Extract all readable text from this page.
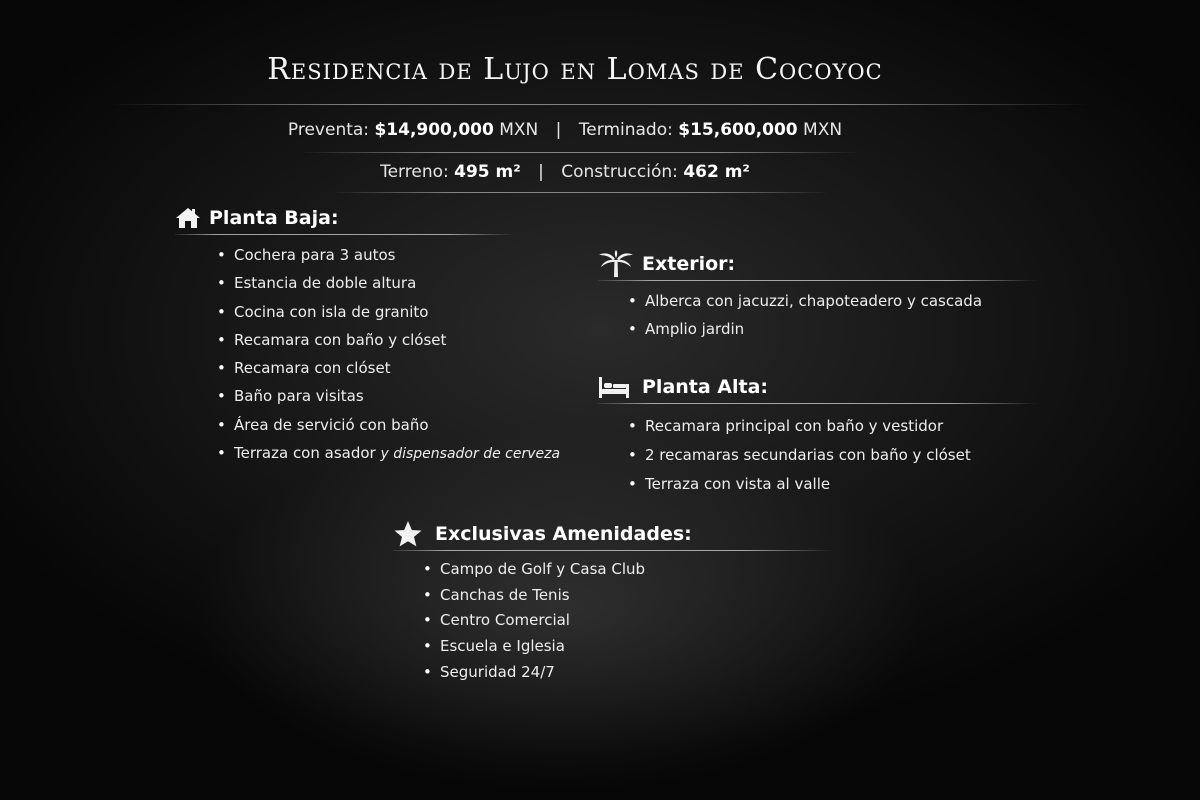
Residencia de Lujo en Lomas de Cocoyoc
Preventa: $14,900,000 MXN | Terminado: $15,600,000 MXN
Terreno: 495 m² | Construcción: 462 m²
Planta Baja:
• Cochera para 3 autos
• Estancia de doble altura
• Cocina con isla de granito
• Recamara con baño y clóset
• Recamara con clóset
• Baño para visitas
• Área de servició con baño
• Terraza con asador y dispensador de cerveza
Exterior:
• Alberca con jacuzzi, chapoteadero y cascada
• Amplio jardin
Planta Alta:
• Recamara principal con baño y vestidor
• 2 recamaras secundarias con baño y clóset
• Terraza con vista al valle
Exclusivas Amenidades:
• Campo de Golf y Casa Club
• Canchas de Tenis
• Centro Comercial
• Escuela e Iglesia
• Seguridad 24/7
